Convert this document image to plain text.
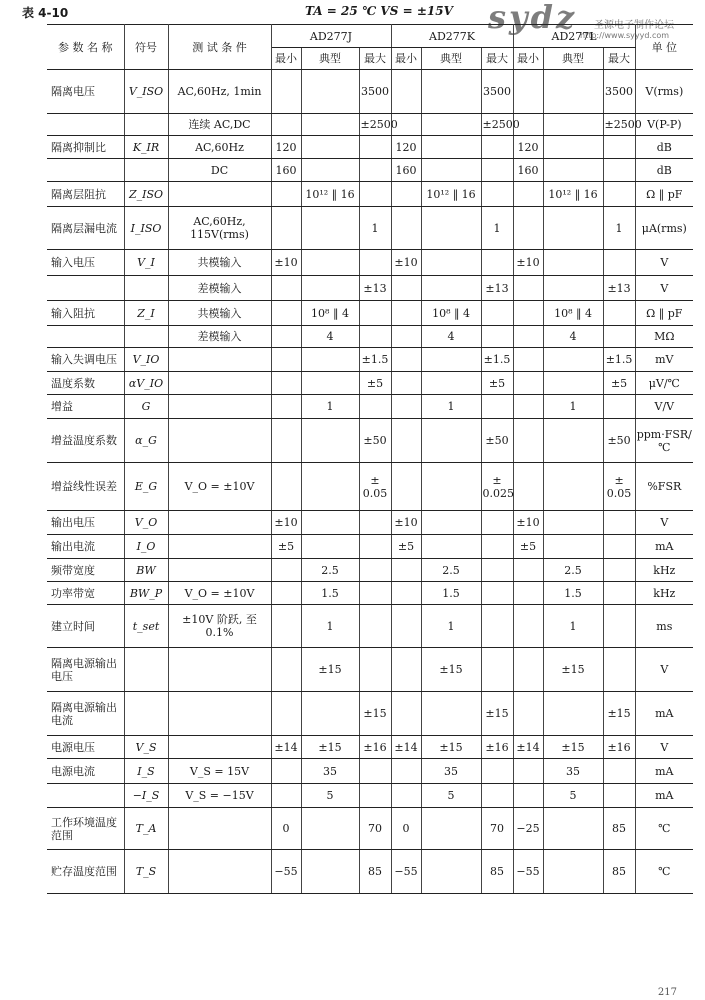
表 4-10	TA = 25 ℃ VS = ±15V sydz 圣源电子制作论坛
http://www.syyyd.com
参 数 名 称	符号	测 试 条 件	AD277J			AD277K			AD277L			单 位
			最小	典型	最大	最小	典型	最大	最小	典型	最大	
隔离电压	V_ISO	AC,60Hz, 1min			3500			3500			3500	V(rms)
		连续 AC,DC			±2500			±2500			±2500	V(P-P)
隔离抑制比	K_IR	AC,60Hz	120			120			120			dB
		DC	160			160			160			dB
隔离层阻抗	Z_ISO			10¹² ‖ 16			10¹² ‖ 16			10¹² ‖ 16		Ω ‖ pF
隔离层漏电流	I_ISO	AC,60Hz, 115V(rms)			1			1			1	μA(rms)
输入电压	V_I	共模输入	±10			±10			±10			V
		差模输入			±13			±13			±13	V
输入阻抗	Z_I	共模输入		10⁸ ‖ 4			10⁸ ‖ 4			10⁸ ‖ 4		Ω ‖ pF
		差模输入		4			4			4		MΩ
输入失调电压	V_IO				±1.5			±1.5			±1.5	mV
温度系数	αV_IO				±5			±5			±5	μV/℃
增益	G			1			1			1		V/V
增益温度系数	α_G				±50			±50			±50	ppm·FSR/℃
增益线性误差	E_G	V_O = ±10V			± 0.05			± 0.025			± 0.05	%FSR
输出电压	V_O		±10			±10			±10			V
输出电流	I_O		±5			±5			±5			mA
频带宽度	BW			2.5			2.5			2.5		kHz
功率带宽	BW_P	V_O = ±10V		1.5			1.5			1.5		kHz
建立时间	t_set	±10V 阶跃, 至 0.1%		1			1			1		ms
隔离电源输出电压				±15			±15			±15		V
隔离电源输出电流					±15			±15			±15	mA
电源电压	V_S		±14	±15	±16	±14	±15	±16	±14	±15	±16	V
电源电流	I_S	V_S = 15V		35			35			35		mA
	−I_S	V_S = −15V		5			5			5		mA
工作环境温度范围	T_A		0		70	0		70	−25		85	℃
贮存温度范围	T_S		−55		85	−55		85	−55		85	℃
217
